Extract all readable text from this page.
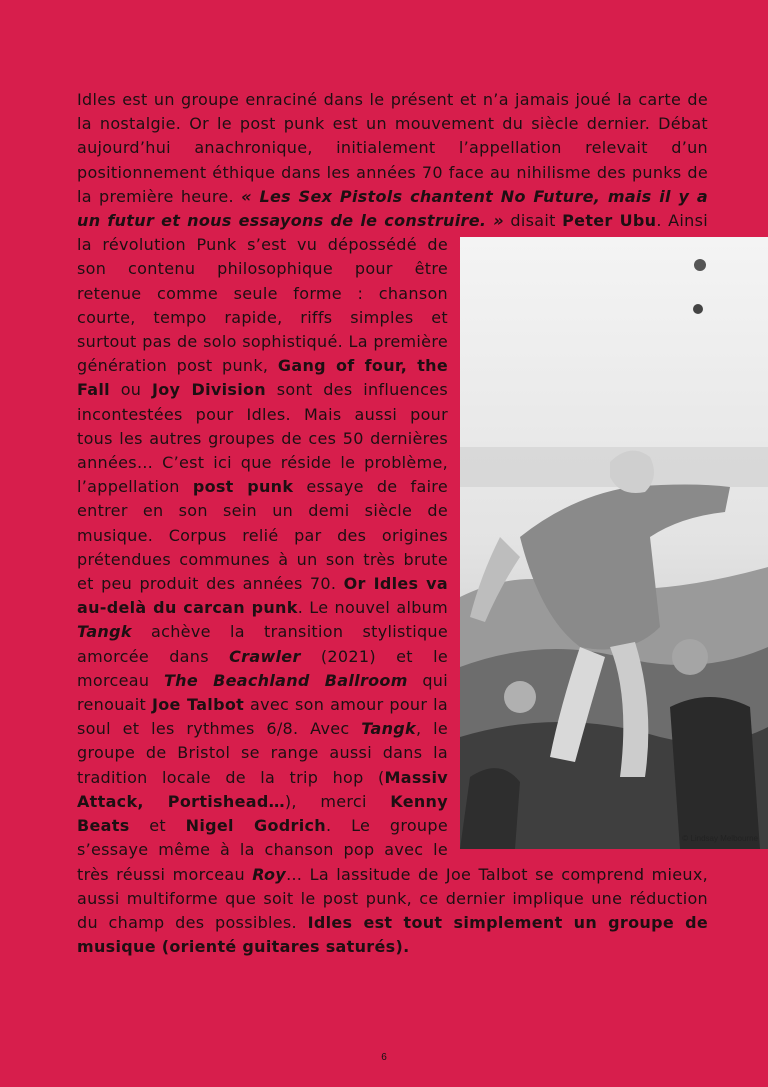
Idles est un groupe enraciné dans le présent et n’a jamais joué la carte de la nostalgie. Or le post punk est un mouvement du siècle dernier. Débat aujourd’hui anachronique, initialement l’appellation relevait d’un positionnement éthique dans les années 70 face au nihilisme des punks de la première heure. « Les Sex Pistols chantent No Future, mais il y a un futur et nous essayons de le construire. »
disait Peter Ubu. Ainsi la révolution Punk s’est vu dépossédé de son contenu philosophique pour être retenue comme seule forme : chanson courte, tempo rapide, riffs simples et surtout pas de solo sophistiqué. La première génération post punk, Gang of four, the Fall ou Joy Division sont des influences incontestées pour Idles. Mais aussi pour tous les autres groupes de ces 50 dernières années… C’est ici que réside le problème, l’appellation post punk essaye de faire entrer en son sein un demi siècle de musique. Corpus relié par des origines prétendues communes à un son très brute et peu produit des années 70. Or Idles va au-delà du carcan punk. Le nouvel album Tangk achève la transition stylistique amorcée dans Crawler (2021) et le morceau The Beachland Ballroom qui renouait Joe Talbot avec son amour pour la soul et les rythmes 6/8. Avec Tangk, le groupe de Bristol se range aussi dans la tradition locale de la trip hop (Massiv Attack, Portishead…), merci Kenny Beats et Nigel Godrich. Le groupe s’essaye même à la chanson pop avec le très réussi morceau Roy… La lassitude de Joe Talbot se comprend mieux, aussi multiforme que soit le post punk, ce dernier implique une réduction du champ des possibles. Idles est tout simplement un groupe de musique (orienté guitares saturés).

© Lindsay Melbourne
6
